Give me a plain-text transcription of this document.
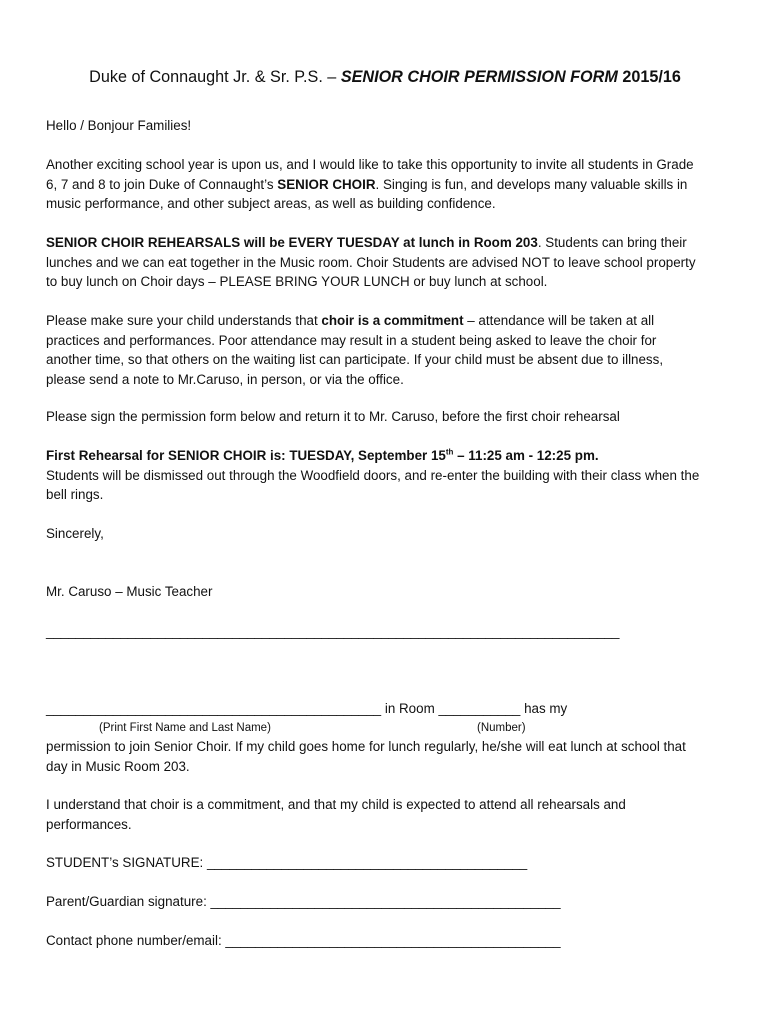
Duke of Connaught Jr. & Sr. P.S. – SENIOR CHOIR PERMISSION FORM 2015/16
Hello / Bonjour Families!
Another exciting school year is upon us, and I would like to take this opportunity to invite all students in Grade
6, 7 and 8 to join Duke of Connaught’s SENIOR CHOIR. Singing is fun, and develops many valuable skills in
music performance, and other subject areas, as well as building confidence.
SENIOR CHOIR REHEARSALS will be EVERY TUESDAY at lunch in Room 203. Students can bring their
lunches and we can eat together in the Music room. Choir Students are advised NOT to leave school property
to buy lunch on Choir days – PLEASE BRING YOUR LUNCH or buy lunch at school.
Please make sure your child understands that choir is a commitment – attendance will be taken at all
practices and performances. Poor attendance may result in a student being asked to leave the choir for
another time, so that others on the waiting list can participate. If your child must be absent due to illness,
please send a note to Mr.Caruso, in person, or via the office.
Please sign the permission form below and return it to Mr. Caruso, before the first choir rehearsal
First Rehearsal for SENIOR CHOIR is: TUESDAY, September 15th – 11:25 am - 12:25 pm.
Students will be dismissed out through the Woodfield doors, and re-enter the building with their class when the
bell rings.
Sincerely,
Mr. Caruso – Music Teacher
_____________________________________________________________________________
_____________________________________________ in Room ___________ has my
(Print First Name and Last Name)	(Number)
permission to join Senior Choir. If my child goes home for lunch regularly, he/she will eat lunch at school that
day in Music Room 203.
I understand that choir is a commitment, and that my child is expected to attend all rehearsals and
performances.
STUDENT’s SIGNATURE: ___________________________________________
Parent/Guardian signature: _______________________________________________
Contact phone number/email: _____________________________________________
